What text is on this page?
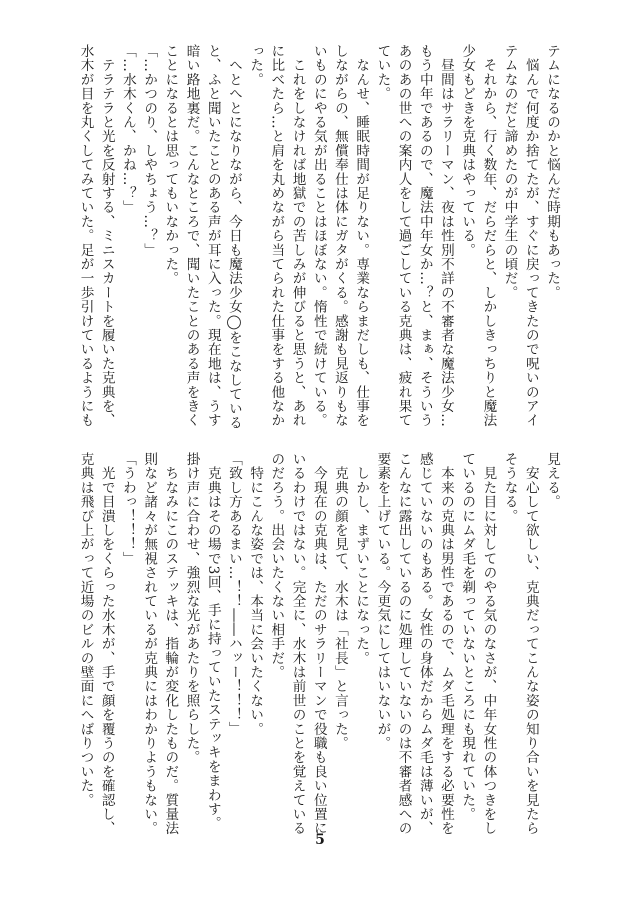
テムになるのかと悩んだ時期もあった。
　悩んで何度か捨てたが、すぐに戻ってきたので呪いのアイ
テムなのだと諦めたのが中学生の頃だ。
　それから、行く数年、だらだらと、しかしきっちりと魔法
少女もどきを克典はやっている。
　昼間はサラリーマン、夜は性別不詳の不審者な魔法少女…
もう中年であるので、魔法中年女か…？と、まぁ、そういう
あのあの世への案内人をして過ごしている克典は、疲れ果て
ていた。
　なんせ、睡眠時間が足りない。専業ならまだしも、仕事を
しながらの、無償奉仕は体にガタがくる。感謝も見返りもな
いものにやる気が出ることはほぼない。惰性で続けている。
　これをしなければ地獄での苦しみが伸びると思うと、あれ
に比べたら…と肩を丸めながら当てられた仕事をする他なか
った。
　へとへとになりながら、今日も魔法少女◯をこなしている
と、ふと聞いたことのある声が耳に入った。現在地は、うす
暗い路地裏だ。こんなところで、聞いたことのある声をきく
ことになるとは思ってもいなかった。
「…かつのり、しやちょう…？」
「…水木くん、かね…？」
　テラテラと光を反射する、ミニスカートを履いた克典を、
水木が目を丸くしてみていた。足が一歩引けているようにも
見える。
　安心して欲しい、克典だってこんな姿の知り合いを見たら
そうなる。
　見た目に対してのやる気のなさが、中年女性の体つきをし
ているのにムダ毛を剃っていないところにも現れていた。
　本来の克典は男性であるので、ムダ毛処理をする必要性を
感じていないのもある。女性の身体だからムダ毛は薄いが、
こんなに露出しているのに処理していないのは不審者感への
要素を上げている。今更気にしてはいないが。
　しかし、まずいことになった。
　克典の顔を見て、水木は「社長」と言った。
　今現在の克典は、ただのサラリーマンで役職も良い位置に
いるわけではない。完全に、水木は前世のことを覚えている
のだろう。出会いたくない相手だ。
　特にこんな姿では、本当に会いたくない。
「致し方あるまい…！！――ハッー！！！」
　克典はその場で3回、手に持っていたステッキをまわす。
掛け声に合わせ、強烈な光があたりを照らした。
　ちなみにこのステッキは、指輪が変化したものだ。質量法
則など諸々が無視されているが克典にはわかりようもない。
「うわっ！！！」
　光で目潰しをくらった水木が、手で顔を覆うのを確認し、
克典は飛び上がって近場のビルの壁面にへばりついた。
5
